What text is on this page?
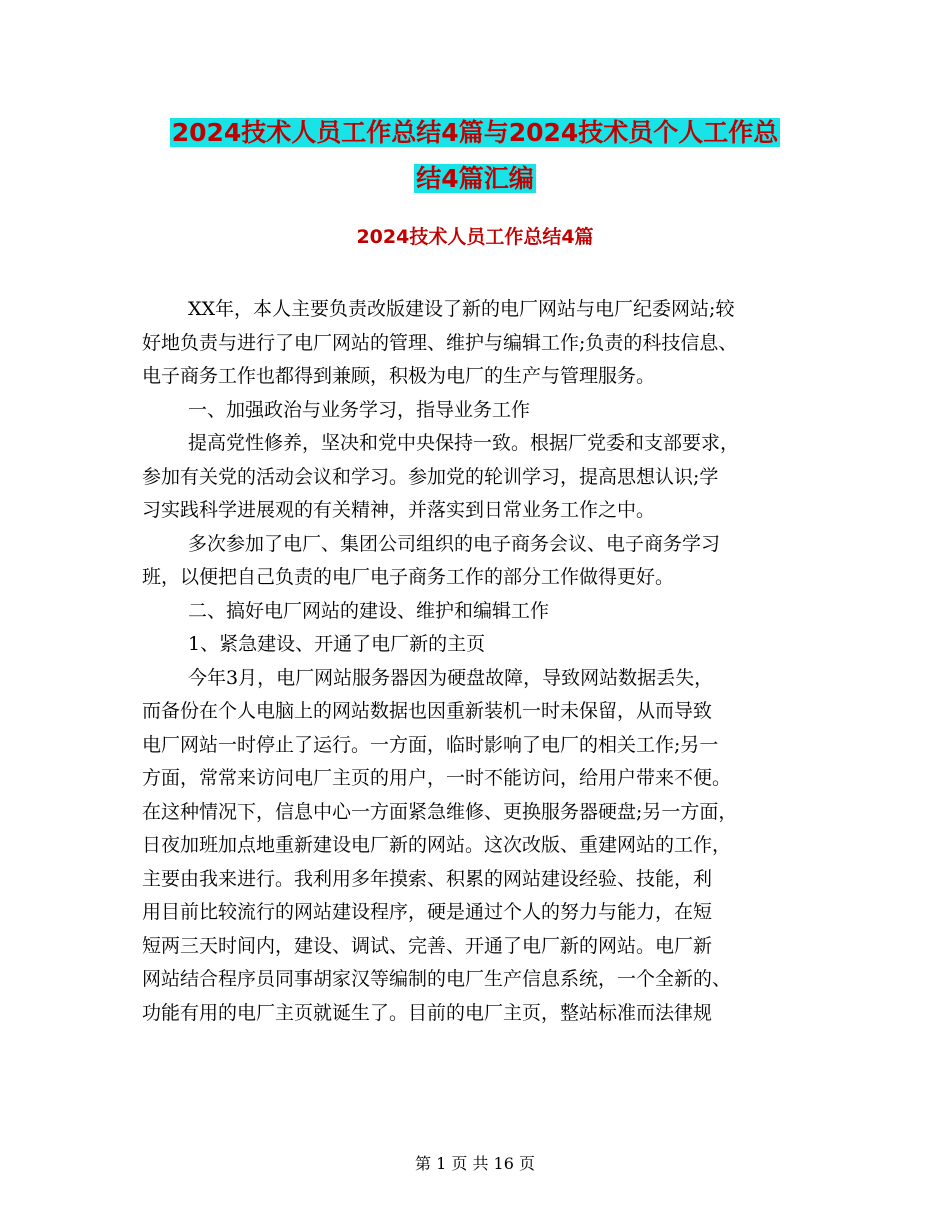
2024技术人员工作总结4篇与2024技术员个人工作总
结4篇汇编
2024技术人员工作总结4篇
XX年，本人主要负责改版建设了新的电厂网站与电厂纪委网站;较
好地负责与进行了电厂网站的管理、维护与编辑工作;负责的科技信息、
电子商务工作也都得到兼顾，积极为电厂的生产与管理服务。
一、加强政治与业务学习，指导业务工作
提高党性修养，坚决和党中央保持一致。根据厂党委和支部要求，
参加有关党的活动会议和学习。参加党的轮训学习，提高思想认识;学
习实践科学进展观的有关精神，并落实到日常业务工作之中。
多次参加了电厂、集团公司组织的电子商务会议、电子商务学习
班，以便把自己负责的电厂电子商务工作的部分工作做得更好。
二、搞好电厂网站的建设、维护和编辑工作
1、紧急建设、开通了电厂新的主页
今年3月，电厂网站服务器因为硬盘故障，导致网站数据丢失，
而备份在个人电脑上的网站数据也因重新装机一时未保留，从而导致
电厂网站一时停止了运行。一方面，临时影响了电厂的相关工作;另一
方面，常常来访问电厂主页的用户，一时不能访问，给用户带来不便。
在这种情况下，信息中心一方面紧急维修、更换服务器硬盘;另一方面，
日夜加班加点地重新建设电厂新的网站。这次改版、重建网站的工作，
主要由我来进行。我利用多年摸索、积累的网站建设经验、技能，利
用目前比较流行的网站建设程序，硬是通过个人的努力与能力，在短
短两三天时间内，建设、调试、完善、开通了电厂新的网站。电厂新
网站结合程序员同事胡家汉等编制的电厂生产信息系统，一个全新的、
功能有用的电厂主页就诞生了。目前的电厂主页，整站标准而法律规
第 1 页 共 16 页
